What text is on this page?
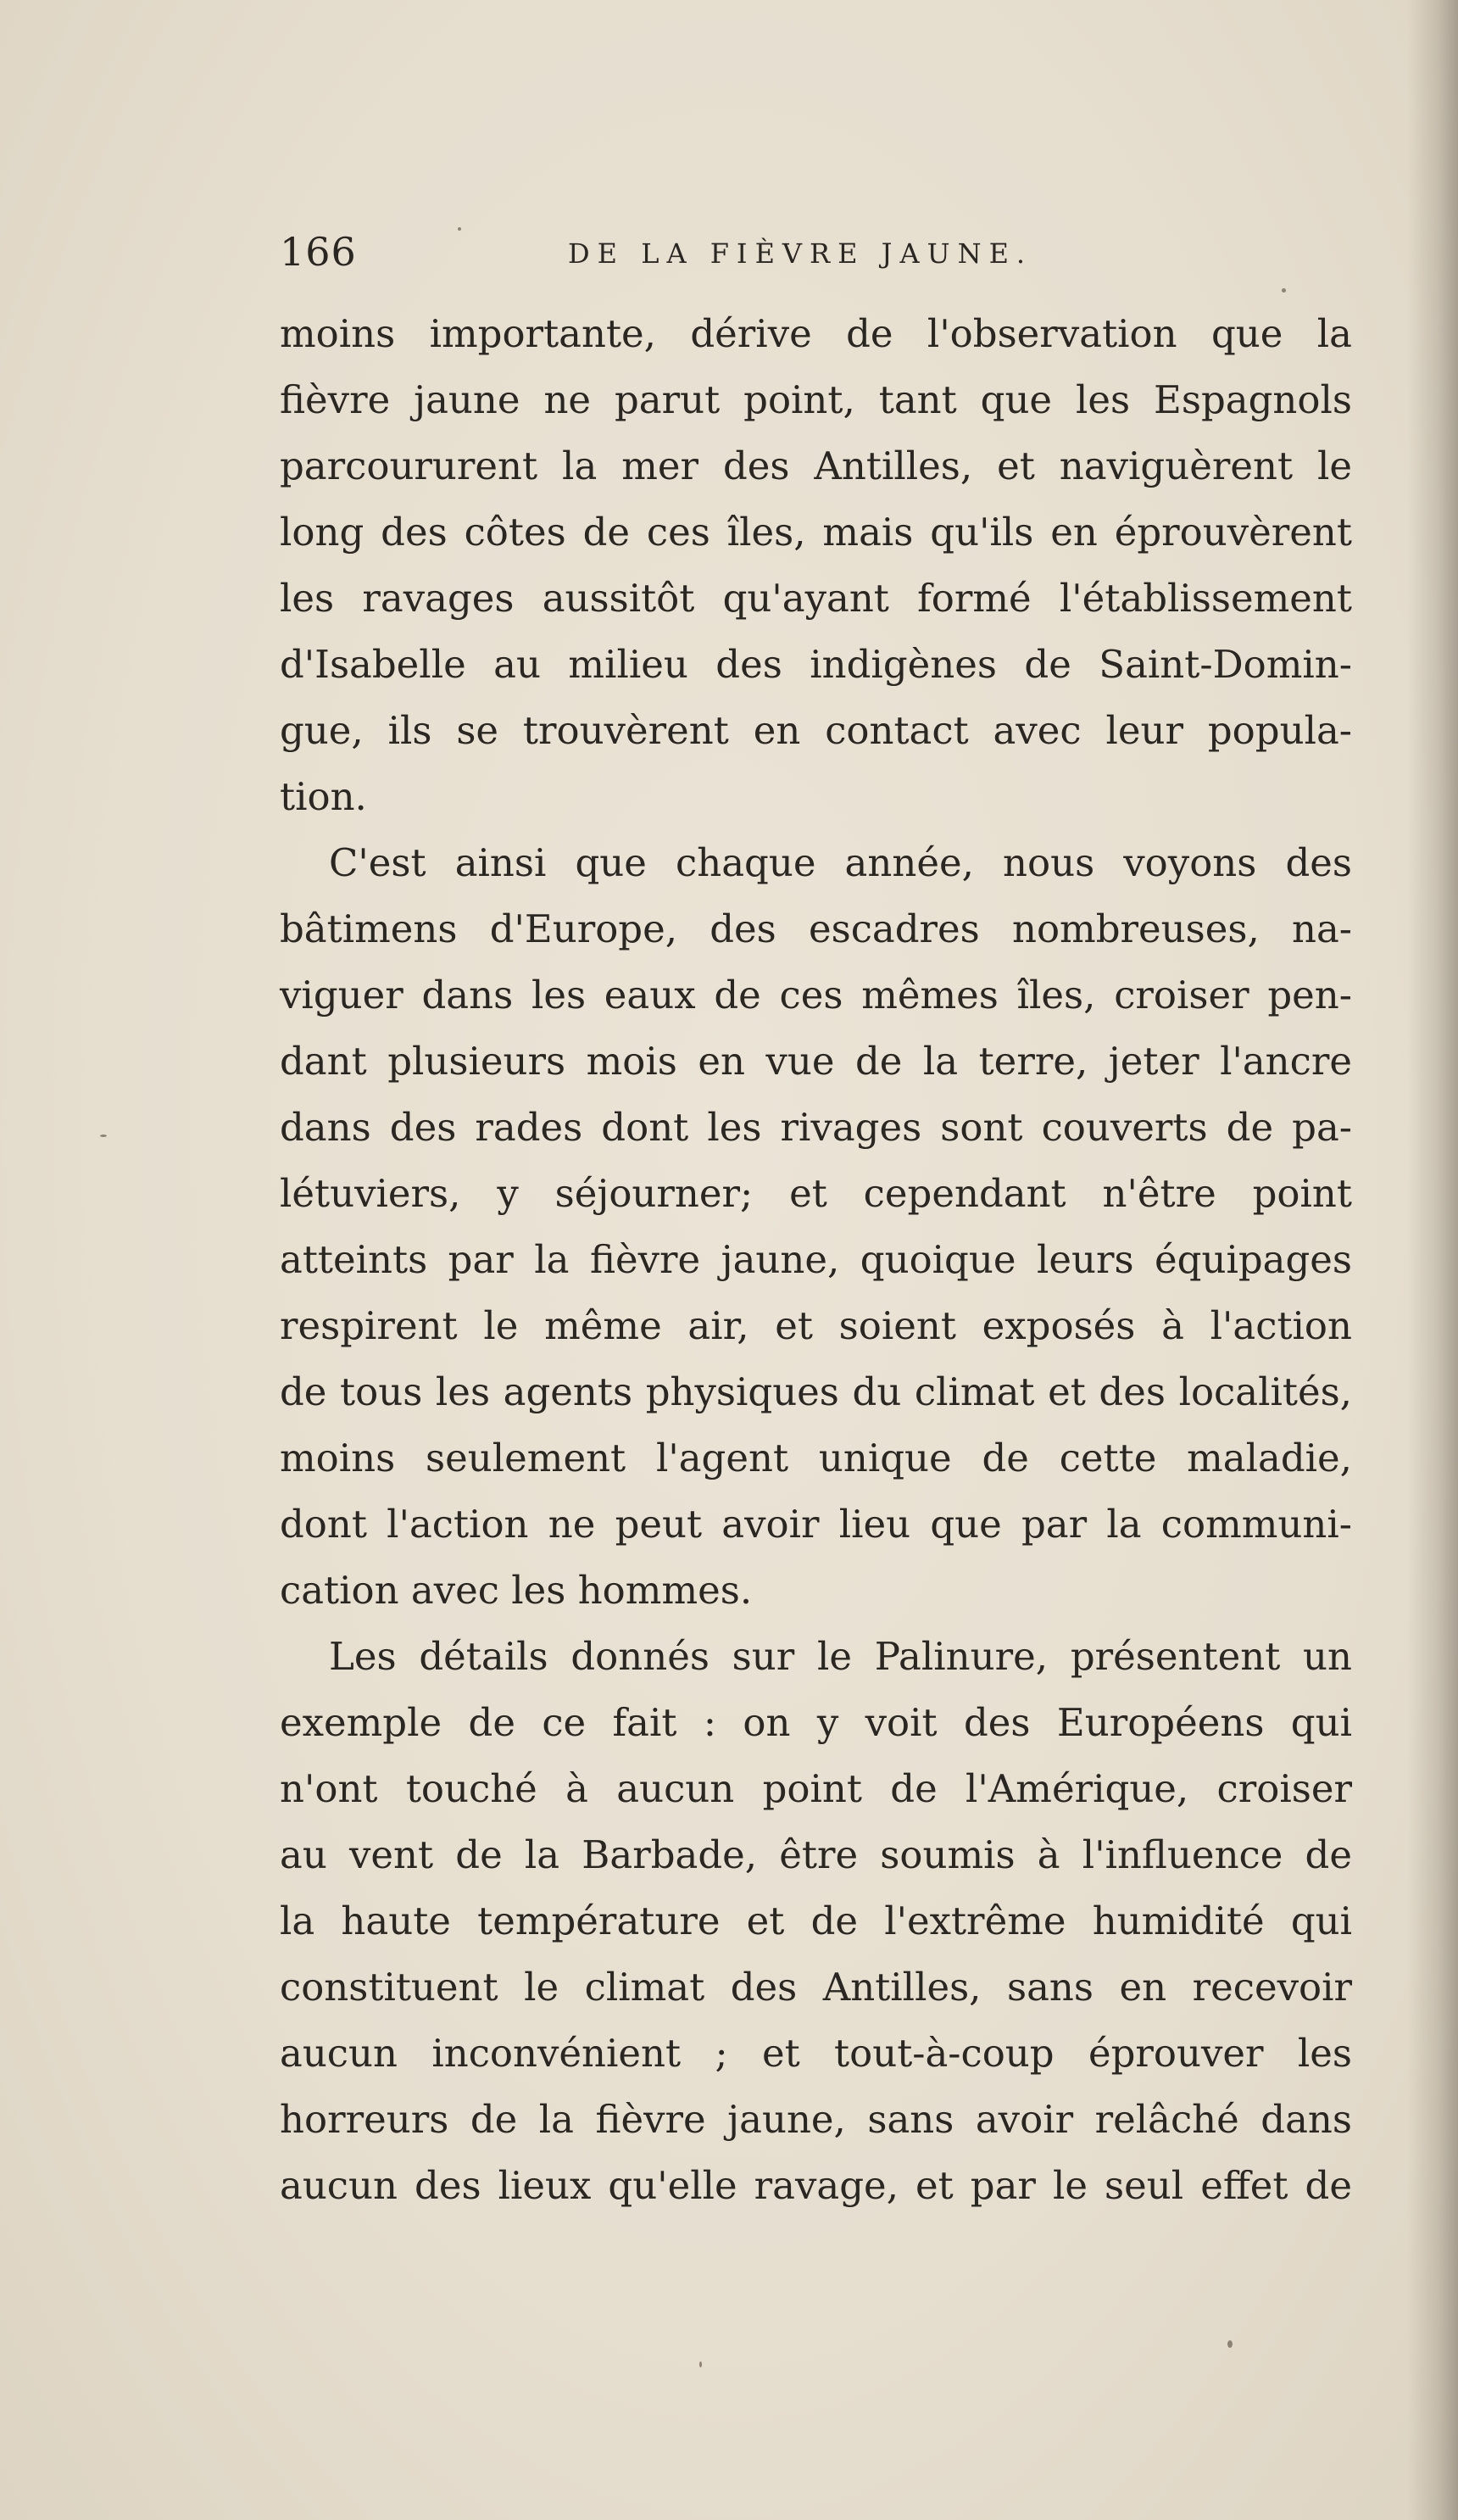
166	DE LA FIÈVRE JAUNE.
moins importante, dérive de l'observation que la
fièvre jaune ne parut point, tant que les Espagnols
parcoururent la mer des Antilles, et naviguèrent le
long des côtes de ces îles, mais qu'ils en éprouvèrent
les ravages aussitôt qu'ayant formé l'établissement
d'Isabelle au milieu des indigènes de Saint-Domin-
gue, ils se trouvèrent en contact avec leur popula-
tion.
C'est ainsi que chaque année, nous voyons des
bâtimens d'Europe, des escadres nombreuses, na-
viguer dans les eaux de ces mêmes îles, croiser pen-
dant plusieurs mois en vue de la terre, jeter l'ancre
dans des rades dont les rivages sont couverts de pa-
létuviers, y séjourner; et cependant n'être point
atteints par la fièvre jaune, quoique leurs équipages
respirent le même air, et soient exposés à l'action
de tous les agents physiques du climat et des localités,
moins seulement l'agent unique de cette maladie,
dont l'action ne peut avoir lieu que par la communi-
cation avec les hommes.
Les détails donnés sur le Palinure, présentent un
exemple de ce fait : on y voit des Européens qui
n'ont touché à aucun point de l'Amérique, croiser
au vent de la Barbade, être soumis à l'influence de
la haute température et de l'extrême humidité qui
constituent le climat des Antilles, sans en recevoir
aucun inconvénient ; et tout-à-coup éprouver les
horreurs de la fièvre jaune, sans avoir relâché dans
aucun des lieux qu'elle ravage, et par le seul effet de
